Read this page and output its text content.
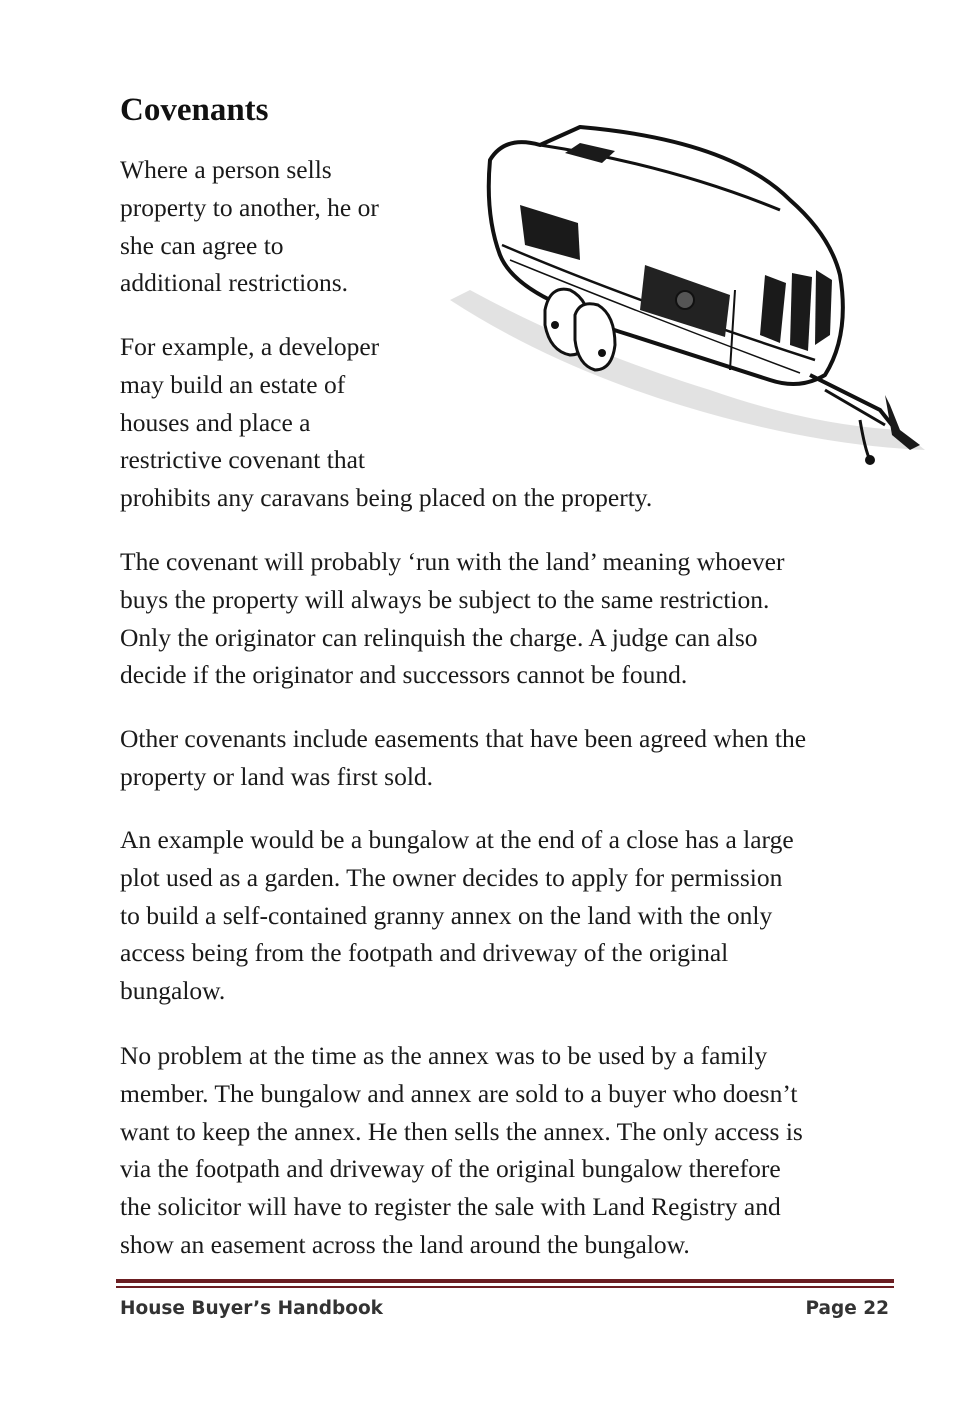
Covenants
Where a person sells
property to another, he or
she can agree to
additional restrictions.
For example, a developer
may build an estate of
houses and place a
restrictive covenant that
prohibits any caravans being placed on the property.
The covenant will probably ‘run with the land’ meaning whoever
buys the property will always be subject to the same restriction.
Only the originator can relinquish the charge. A judge can also
decide if the originator and successors cannot be found.
Other covenants include easements that have been agreed when the
property or land was first sold.
An example would be a bungalow at the end of a close has a large
plot used as a garden. The owner decides to apply for permission
to build a self-contained granny annex on the land with the only
access being from the footpath and driveway of the original
bungalow.
No problem at the time as the annex was to be used by a family
member. The bungalow and annex are sold to a buyer who doesn’t
want to keep the annex. He then sells the annex. The only access is
via the footpath and driveway of the original bungalow therefore
the solicitor will have to register the sale with Land Registry and
show an easement across the land around the bungalow.
House Buyer’s Handbook	Page 22
